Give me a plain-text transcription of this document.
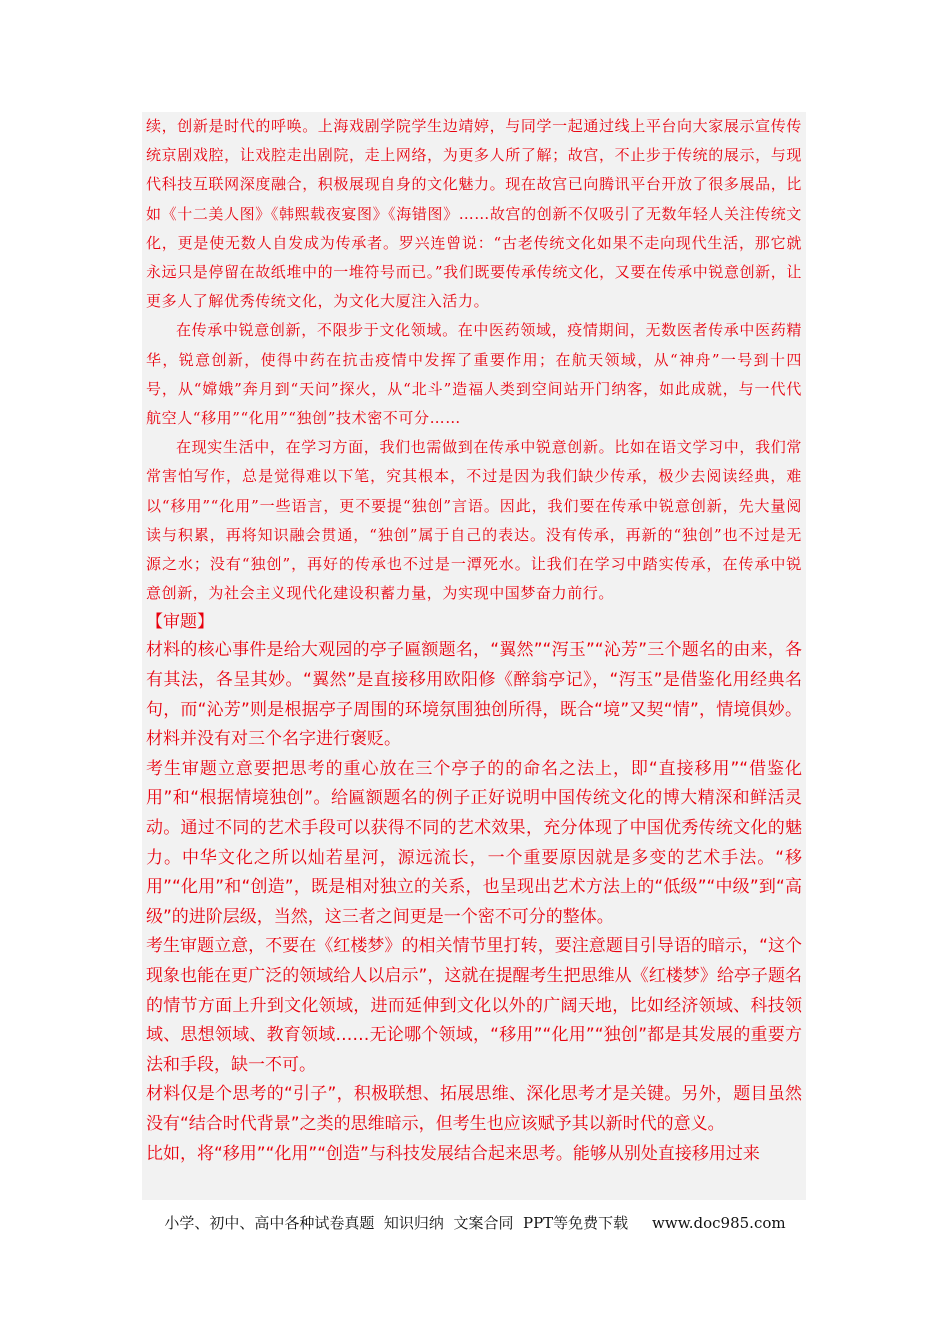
续，创新是时代的呼唤。上海戏剧学院学生边靖婷，与同学一起通过线上平台向大家展示宣传传统京剧戏腔，让戏腔走出剧院，走上网络，为更多人所了解；故宫，不止步于传统的展示，与现代科技互联网深度融合，积极展现自身的文化魅力。现在故宫已向腾讯平台开放了很多展品，比如《十二美人图》《韩熙载夜宴图》《海错图》……故宫的创新不仅吸引了无数年轻人关注传统文化，更是使无数人自发成为传承者。罗兴连曾说：“古老传统文化如果不走向现代生活，那它就永远只是停留在故纸堆中的一堆符号而已。”我们既要传承传统文化，又要在传承中锐意创新，让更多人了解优秀传统文化，为文化大厦注入活力。

在传承中锐意创新，不限步于文化领域。在中医药领域，疫情期间，无数医者传承中医药精华，锐意创新，使得中药在抗击疫情中发挥了重要作用；在航天领域，从“神舟”一号到十四号，从“嫦娥”奔月到“天问”探火，从“北斗”造福人类到空间站开门纳客，如此成就，与一代代航空人“移用”“化用”“独创”技术密不可分……

在现实生活中，在学习方面，我们也需做到在传承中锐意创新。比如在语文学习中，我们常常害怕写作，总是觉得难以下笔，究其根本，不过是因为我们缺少传承，极少去阅读经典，难以“移用”“化用”一些语言，更不要提“独创”言语。因此，我们要在传承中锐意创新，先大量阅读与积累，再将知识融会贯通，“独创”属于自己的表达。没有传承，再新的“独创”也不过是无源之水；没有“独创”，再好的传承也不过是一潭死水。让我们在学习中踏实传承，在传承中锐意创新，为社会主义现代化建设积蓄力量，为实现中国梦奋力前行。

【审题】

材料的核心事件是给大观园的亭子匾额题名，“翼然”“泻玉”“沁芳”三个题名的由来，各有其法，各呈其妙。“翼然”是直接移用欧阳修《醉翁亭记》，“泻玉”是借鉴化用经典名句，而“沁芳”则是根据亭子周围的环境氛围独创所得，既合“境”又契“情”，情境俱妙。材料并没有对三个名字进行褒贬。

考生审题立意要把思考的重心放在三个亭子的的命名之法上，即“直接移用”“借鉴化用”和“根据情境独创”。给匾额题名的例子正好说明中国传统文化的博大精深和鲜活灵动。通过不同的艺术手段可以获得不同的艺术效果，充分体现了中国优秀传统文化的魅力。中华文化之所以灿若星河，源远流长，一个重要原因就是多变的艺术手法。“移用”“化用”和“创造”，既是相对独立的关系，也呈现出艺术方法上的“低级”“中级”到“高级”的进阶层级，当然，这三者之间更是一个密不可分的整体。

考生审题立意，不要在《红楼梦》的相关情节里打转，要注意题目引导语的暗示，“这个现象也能在更广泛的领域给人以启示”，这就在提醒考生把思维从《红楼梦》给亭子题名的情节方面上升到文化领域，进而延伸到文化以外的广阔天地，比如经济领域、科技领域、思想领域、教育领域……无论哪个领域，“移用”“化用”“独创”都是其发展的重要方法和手段，缺一不可。

材料仅是个思考的“引子”，积极联想、拓展思维、深化思考才是关键。另外，题目虽然没有“结合时代背景”之类的思维暗示，但考生也应该赋予其以新时代的意义。

比如，将“移用”“化用”“创造”与科技发展结合起来思考。能够从别处直接移用过来

小学、初中、高中各种试卷真题  知识归纳  文案合同  PPT等免费下载     www.doc985.com
